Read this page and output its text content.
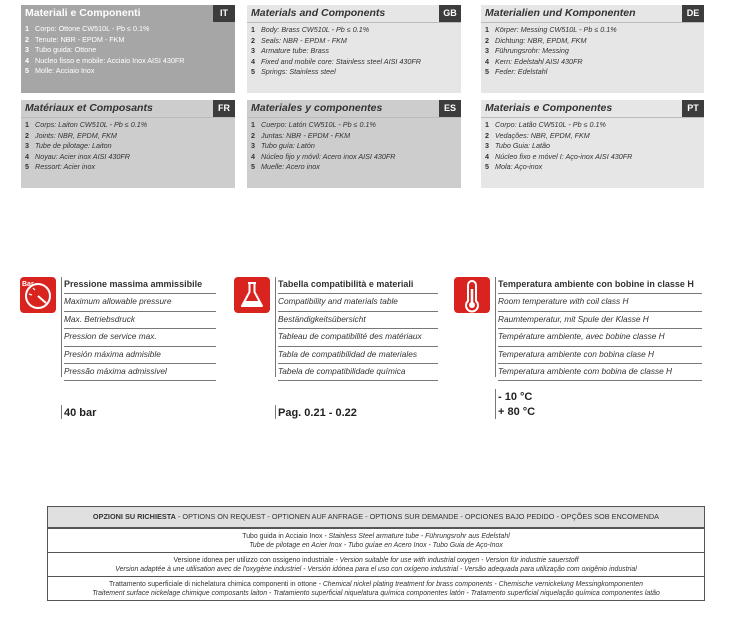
Materiali e Componenti	IT
1 Corpo: Ottone CW510L - Pb ≤ 0.1%
2 Tenute: NBR - EPDM - FKM
3 Tubo guida: Ottone
4 Nucleo fisso e mobile: Acciaio Inox AISI 430FR
5 Molle: Acciaio Inox
Materials and Components	GB
1 Body: Brass CW510L - Pb ≤ 0.1%
2 Seals: NBR - EPDM - FKM
3 Armature tube: Brass
4 Fixed and mobile core: Stainless steel AISI 430FR
5 Springs: Stainless steel
Materialien und Komponenten	DE
1 Körper: Messing CW510L - Pb ≤ 0.1%
2 Dichtung: NBR, EPDM, FKM
3 Führungsrohr: Messing
4 Kern: Edelstahl AISI 430FR
5 Feder: Edelstahl
Matériaux et Composants	FR
1 Corps: Laiton CW510L - Pb ≤ 0.1%
2 Joints: NBR, EPDM, FKM
3 Tube de pilotage: Laiton
4 Noyau: Acier inox AISI 430FR
5 Ressort: Acier inox
Materiales y componentes	ES
1 Cuerpo: Latón CW510L - Pb ≤ 0.1%
2 Juntas: NBR - EPDM - FKM
3 Tubo guía: Latón
4 Núcleo fijo y móvil: Acero inox AISI 430FR
5 Muelle: Acero inox
Materiais e Componentes	PT
1 Corpo: Latão CW510L - Pb ≤ 0.1%
2 Vedações: NBR, EPDM, FKM
3 Tubo Guia: Latão
4 Núcleo fixo e móvel I: Aço-inox AISI 430FR
5 Mola: Aço-inox
Bar	Pressione massima ammissibile
Maximum allowable pressure
Max. Betriebsdruck
Pression de service max.
Presión máxima admisible
Pressão máxima admissivel
40 bar
Tabella compatibilità e materiali
Compatibility and materials table
Beständigkeitsübersicht
Tableau de compatibilité des matériaux
Tabla de compatibilidad de materiales
Tabela de compatibilidade química
Pag. 0.21 - 0.22
Temperatura ambiente con bobine in classe H
Room temperature with coil class H
Raumtemperatur, mit Spule der Klasse H
Température ambiente, avec bobine classe H
Temperatura ambiente con bobina clase H
Temperatura ambiente com bobina de classe H
- 10 °C
+ 80 °C
OPZIONI SU RICHIESTA - OPTIONS ON REQUEST - OPTIONEN AUF ANFRAGE - OPTIONS SUR DEMANDE - OPCIONES BAJO PEDIDO - OPÇÕES SOB ENCOMENDA
Tubo guida in Acciaio Inox - Stainless Steel armature tube - Führungsrohr aus Edelstahl
Tube de pilotage en Acier Inox - Tubo guíae en Acero Inox - Tubo Guia de Aço-Inox
Versione idonea per utilizzo con ossigeno industriale - Version suitable for use with industrial oxygen - Version für industrie sauerstoff
Version adaptée à une utilisation avec de l'oxygène industriel - Versión idónea para el uso con oxígeno industrial - Versão adequada para utilização com oxigênio industrial
Trattamento superficiale di nichelatura chimica componenti in ottone - Chemical nickel plating treatment for brass components - Chemische vernickelung Messingkomponenten
Traitement surface nickelage chimique composants laiton - Tratamiento superficial niquelatura química componentes latón - Tratamento superficial niquelação química componentes latão
